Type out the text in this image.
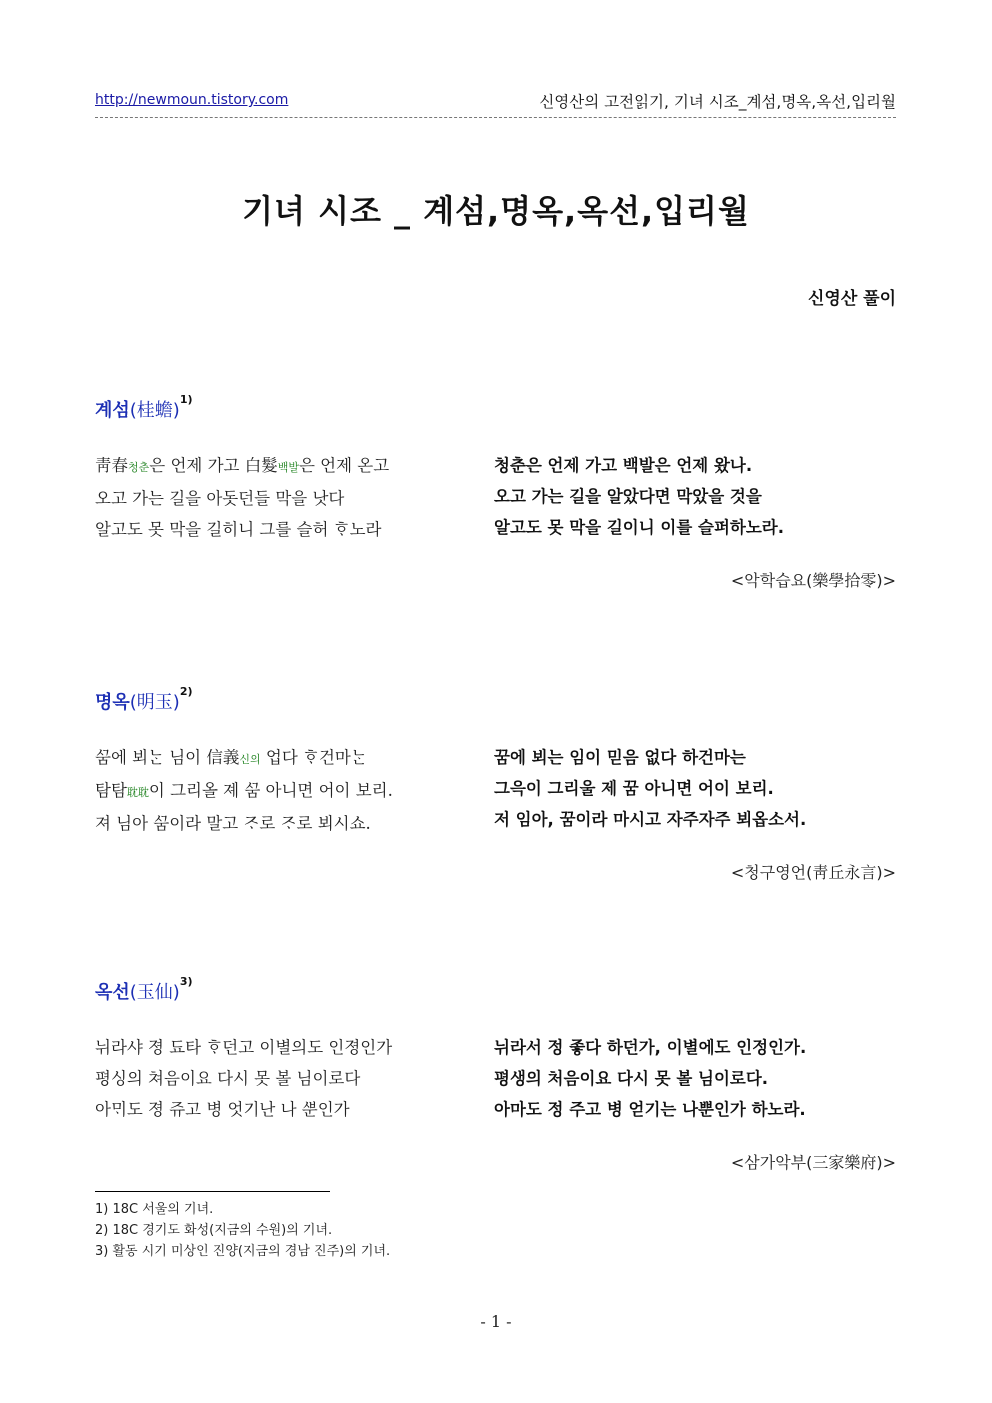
http://newmoun.tistory.com	신영산의 고전읽기, 기녀 시조_계섬,명옥,옥선,입리월
기녀 시조 _ 계섬,명옥,옥선,입리월
신영산 풀이
계섬(桂蟾)$^{1)}$
靑春청춘은 언제 가고 白髮백발은 언제 온고
오고 가는 길을 아돗던들 막을 낫다
알고도 못 막을 길히니 그를 슬허 ᄒᆞ노라
청춘은 언제 가고 백발은 언제 왔나.
오고 가는 길을 알았다면 막았을 것을
알고도 못 막을 길이니 이를 슬퍼하노라.
<악학습요(樂學拾零)>
명옥(明玉)$^{2)}$
ᄭᅮᆷ에 뵈ᄂᆞᆫ 님이 信義신의 업다 ᄒᆞ건마ᄂᆞᆫ
탐탐耽耽이 그리올 졔 ᄭᅮᆷ 아니면 어이 보리.
져 님아 ᄭᅮᆷ이라 말고 ᄌᆞ로 ᄌᆞ로 뵈시쇼.
꿈에 뵈는 임이 믿음 없다 하건마는
그윽이 그리울 제 꿈 아니면 어이 보리.
저 임아, 꿈이라 마시고 자주자주 뵈옵소서.
<청구영언(靑丘永言)>
옥선(玉仙)$^{3)}$
뉘라샤 졍 됴타 ᄒᆞ던고 이별의도 인졍인가
평싱의 쳐음이요 다시 못 볼 님이로다
아ᄆᆡ도 졍 쥬고 병 엇기난 나 ᄲᅮᆫ인가
뉘라서 정 좋다 하던가, 이별에도 인정인가.
평생의 처음이요 다시 못 볼 님이로다.
아마도 정 주고 병 얻기는 나뿐인가 하노라.
<삼가악부(三家樂府)>
1) 18C 서울의 기녀.
2) 18C 경기도 화성(지금의 수원)의 기녀.
3) 활동 시기 미상인 진양(지금의 경남 진주)의 기녀.
- 1 -
